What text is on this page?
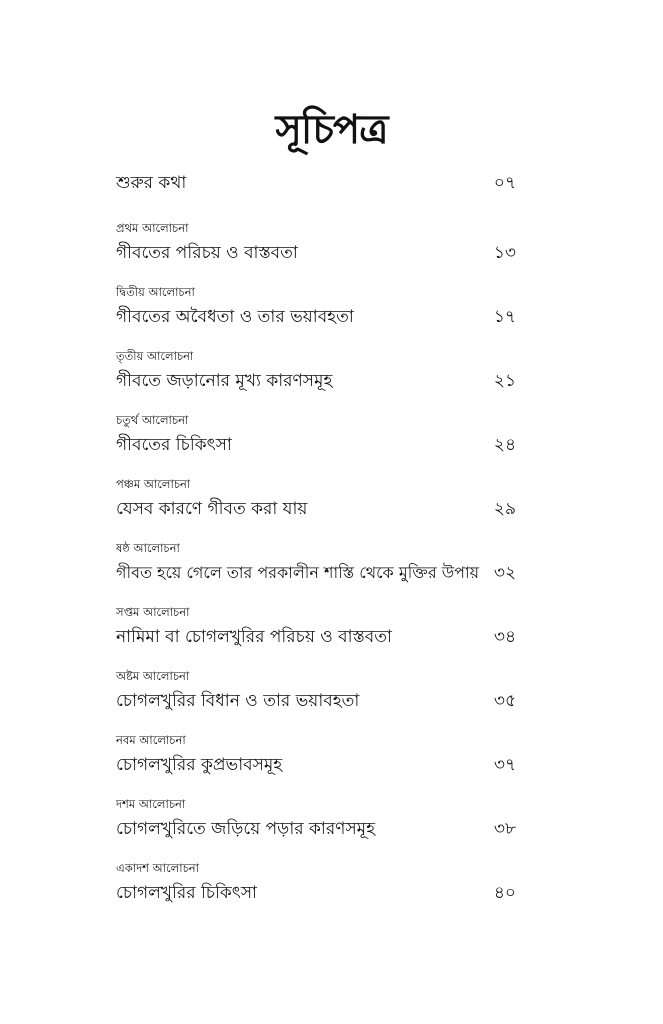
সূচিপত্র
শুরুর কথা	০৭
প্রথম আলোচনা
গীবতের পরিচয় ও বাস্তবতা	১৩
দ্বিতীয় আলোচনা
গীবতের অবৈধতা ও তার ভয়াবহতা	১৭
তৃতীয় আলোচনা
গীবতে জড়ানোর মূখ্য কারণসমূহ	২১
চতুর্থ আলোচনা
গীবতের চিকিৎসা	২৪
পঞ্চম আলোচনা
যেসব কারণে গীবত করা যায়	২৯
ষষ্ঠ আলোচনা
গীবত হয়ে গেলে তার পরকালীন শাস্তি থেকে মুক্তির উপায় ৩২
সপ্তম আলোচনা
নামিমা বা চোগলখুরির পরিচয় ও বাস্তবতা	৩৪
অষ্টম আলোচনা
চোগলখুরির বিধান ও তার ভয়াবহতা	৩৫
নবম আলোচনা
চোগলখুরির কুপ্রভাবসমূহ	৩৭
দশম আলোচনা
চোগলখুরিতে জড়িয়ে পড়ার কারণসমূহ	৩৮
একাদশ আলোচনা
চোগলখুরির চিকিৎসা	৪০
